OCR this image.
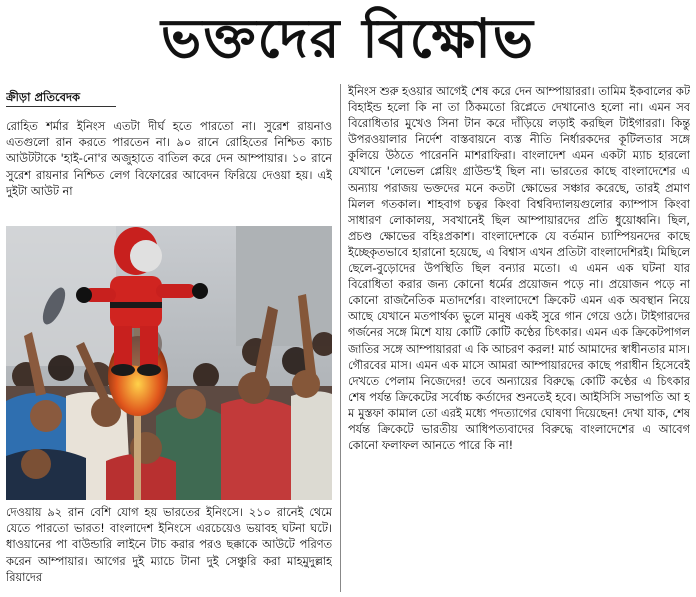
ভক্তদের বিক্ষোভ
ক্রীড়া প্রতিবেদক

রোহিত শর্মার ইনিংস এতটা দীর্ঘ হতে পারতো না। সুরেশ রায়নাও এতগুলো রান করতে পারতেন না। ৯০ রানে রোহিতের নিশ্চিত ক্যাচ আউটটাকে 'হাই-নো'র অজুহাতে বাতিল করে দেন আম্পায়ার। ১০ রানে সুরেশ রায়নার নিশ্চিত লেগ বিফোরের আবেদন ফিরিয়ে দেওয়া হয়। এই দুইটা আউট না

দেওয়ায় ৯২ রান বেশি যোগ হয় ভারতের ইনিংসে। ২১০ রানেই থেমে যেতে পারতো ভারত! বাংলাদেশ ইনিংসে এরচেয়েও ভয়াবহ ঘটনা ঘটে। ধাওয়ানের পা বাউন্ডারি লাইনে টাচ করার পরও ছক্কাকে আউটে পরিণত করেন আম্পায়ার। আগের দুই ম্যাচে টানা দুই সেঞ্চুরি করা মাহমুদুল্লাহ রিয়াদের

ইনিংস শুরু হওয়ার আগেই শেষ করে দেন আম্পায়াররা। তামিম ইকবালের কট বিহাইন্ড হলো কি না তা ঠিকমতো রিপ্লেতে দেখানোও হলো না। এমন সব বিরোধিতার মুখেও সিনা টান করে দাঁড়িয়ে লড়াই করছিল টাইগাররা। কিন্তু উপরওয়ালার নির্দেশ বাস্তবায়নে ব্যস্ত নীতি নির্ধারকদের কূটিলতার সঙ্গে কুলিয়ে উঠতে পারেননি মাশরাফিরা। বাংলাদেশ এমন একটা ম্যাচ হারলো যেখানে 'লেভেল প্লেয়িং গ্রাউন্ড'ই ছিল না। ভারতের কাছে বাংলাদেশের এ অন্যায় পরাজয় ভক্তদের মনে কতটা ক্ষোভের সঞ্চার করেছে, তারই প্রমাণ মিলল গতকাল। শাহবাগ চত্বর কিংবা বিশ্ববিদ্যালয়গুলোর ক্যাম্পাস কিংবা সাধারণ লোকালয়, সবখানেই ছিল আম্পায়ারদের প্রতি ধুয়োধ্বনি। ছিল, প্রচণ্ড ক্ষোভের বহিঃপ্রকাশ। বাংলাদেশকে যে বর্তমান চ্যাম্পিয়নদের কাছে ইচ্ছেকৃতভাবে হারানো হয়েছে, এ বিশ্বাস এখন প্রতিটা বাংলাদেশিরই। মিছিলে ছেলে-বুড়োদের উপস্থিতি ছিল বন্যার মতো। এ এমন এক ঘটনা যার বিরোধিতা করার জন্য কোনো ধর্মের প্রয়োজন পড়ে না। প্রয়োজন পড়ে না কোনো রাজনৈতিক মতাদর্শের। বাংলাদেশে ক্রিকেট এমন এক অবস্থান নিয়ে আছে যেখানে মতপার্থক্য ভুলে মানুষ একই সুরে গান গেয়ে ওঠে। টাইগারদের গর্জনের সঙ্গে মিশে যায় কোটি কোটি কণ্ঠের চিৎকার। এমন এক ক্রিকেটপাগল জাতির সঙ্গে আম্পায়াররা এ কি আচরণ করল! মার্চ আমাদের স্বাধীনতার মাস। গৌরবের মাস। এমন এক মাসে আমরা আম্পায়ারদের কাছে পরাধীন হিসেবেই দেখতে পেলাম নিজেদের! তবে অন্যায়ের বিরুদ্ধে কোটি কণ্ঠের এ চিৎকার শেষ পর্যন্ত ক্রিকেটের সর্বোচ্চ কর্তাদের শুনতেই হবে। আইসিসি সভাপতি আ হ ম মুস্তফা কামাল তো এরই মধ্যে পদত্যাগের ঘোষণা দিয়েছেন! দেখা যাক, শেষ পর্যন্ত ক্রিকেটে ভারতীয় আধিপত্যবাদের বিরুদ্ধে বাংলাদেশের এ আবেগ কোনো ফলাফল আনতে পারে কি না!
